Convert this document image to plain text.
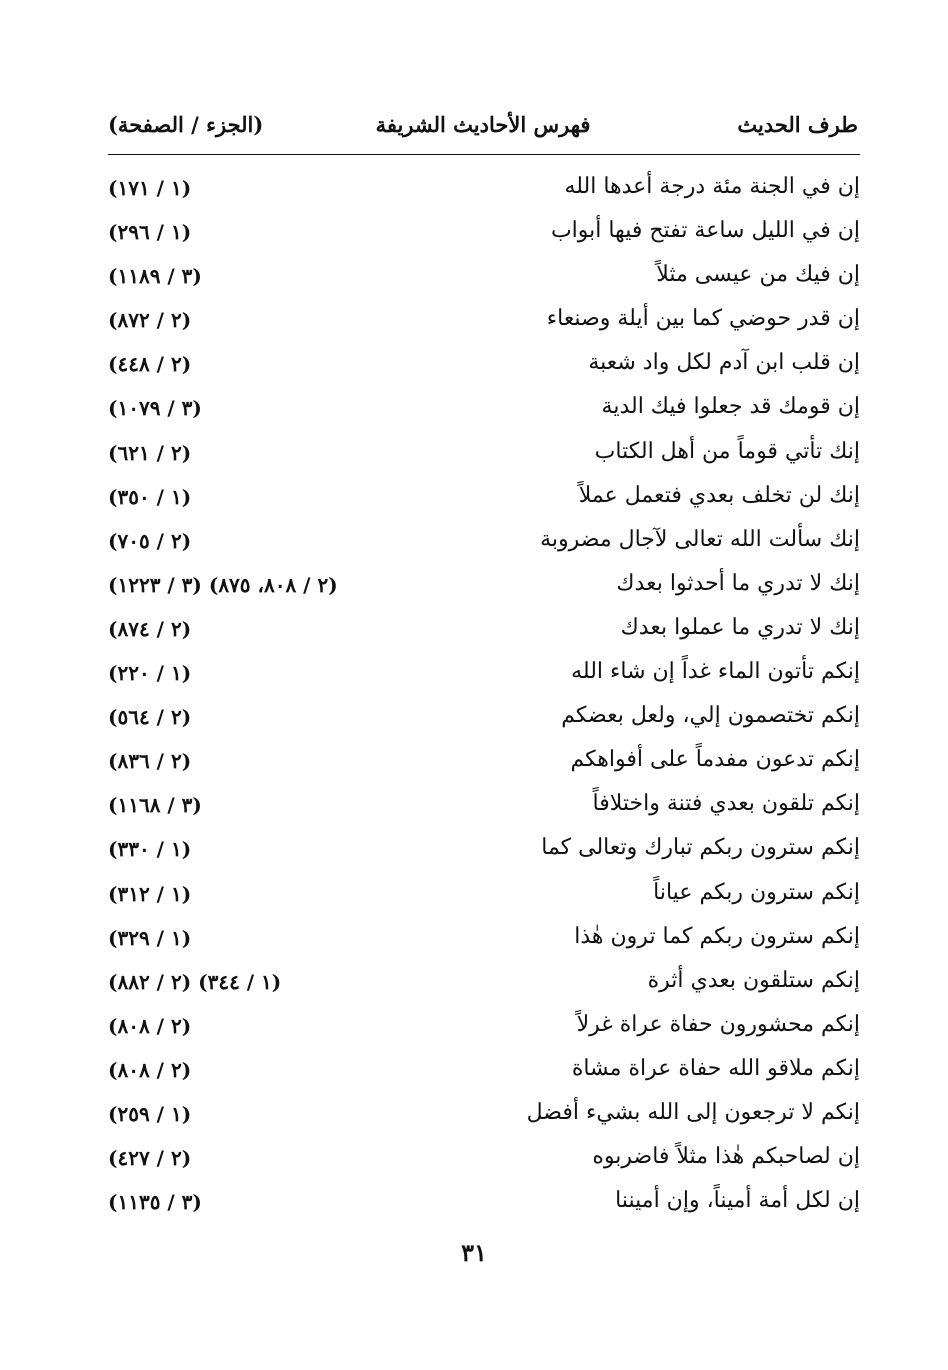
طرف الحديث
فهرس الأحاديث الشريفة
(الجزء / الصفحة)
إن في الجنة مئة درجة أعدها الله
(١ / ١٧١)
إن في الليل ساعة تفتح فيها أبواب
(١ / ٢٩٦)
إن فيك من عيسى مثلاً
(٣ / ١١٨٩)
إن قدر حوضي كما بين أيلة وصنعاء
(٢ / ٨٧٢)
إن قلب ابن آدم لكل واد شعبة
(٢ / ٤٤٨)
إن قومك قد جعلوا فيك الدية
(٣ / ١٠٧٩)
إنك تأتي قوماً من أهل الكتاب
(٢ / ٦٢١)
إنك لن تخلف بعدي فتعمل عملاً
(١ / ٣٥٠)
إنك سألت الله تعالى لآجال مضروبة
(٢ / ٧٠٥)
إنك لا تدري ما أحدثوا بعدك
(٢ / ٨٠٨، ٨٧٥) (٣ / ١٢٢٣)
إنك لا تدري ما عملوا بعدك
(٢ / ٨٧٤)
إنكم تأتون الماء غداً إن شاء الله
(١ / ٢٢٠)
إنكم تختصمون إلي، ولعل بعضكم
(٢ / ٥٦٤)
إنكم تدعون مفدماً على أفواهكم
(٢ / ٨٣٦)
إنكم تلقون بعدي فتنة واختلافاً
(٣ / ١١٦٨)
إنكم سترون ربكم تبارك وتعالى كما
(١ / ٣٣٠)
إنكم سترون ربكم عياناً
(١ / ٣١٢)
إنكم سترون ربكم كما ترون هٰذا
(١ / ٣٢٩)
إنكم ستلقون بعدي أثرة
(١ / ٣٤٤) (٢ / ٨٨٢)
إنكم محشورون حفاة عراة غرلاً
(٢ / ٨٠٨)
إنكم ملاقو الله حفاة عراة مشاة
(٢ / ٨٠٨)
إنكم لا ترجعون إلى الله بشيء أفضل
(١ / ٢٥٩)
إن لصاحبكم هٰذا مثلاً فاضربوه
(٢ / ٤٢٧)
إن لكل أمة أميناً، وإن أميننا
(٣ / ١١٣٥)
٣١
